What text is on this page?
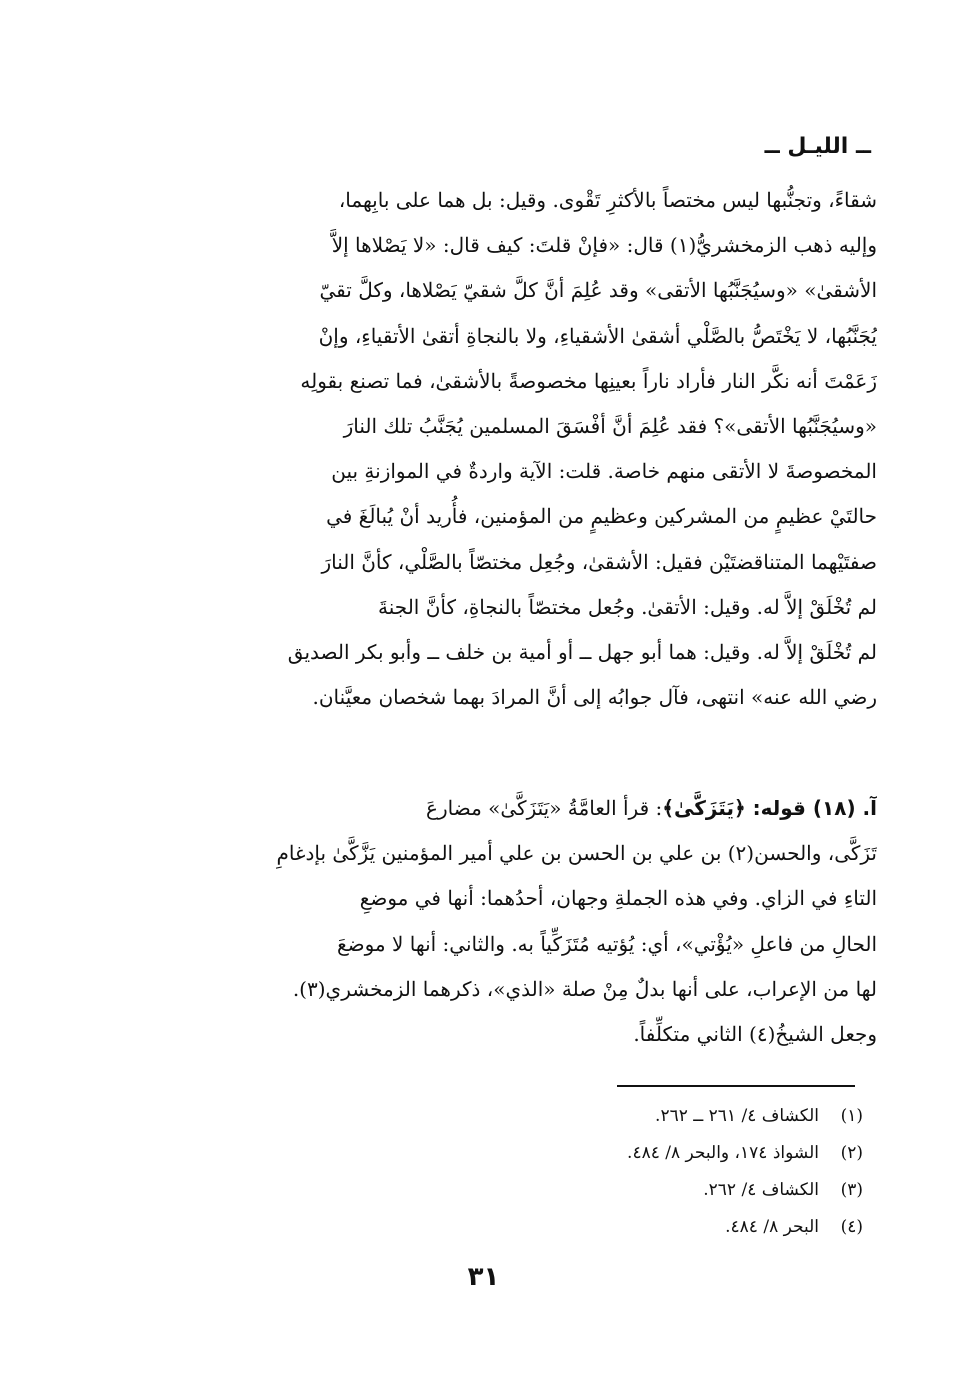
ــ الليـل ــ
شقاءً، وتجنُّبها ليس مختصاً بالأكثرِ تَقْوى. وقيل: بل هما على بابِهما،
وإليه ذهب الزمخشريُّ(١) قال: «فإنْ قلتَ: كيف قال: «لا يَصْلاها إلاَّ
الأشقىٰ» «وسيُجَنَّبُها الأتقى» وقد عُلِمَ أنَّ كلَّ شقيّ يَصْلاها، وكلَّ تقيّ
يُجَنَّبُها، لا يَخْتَصُّ بالصَّلْي أشقىٰ الأشقياءِ، ولا بالنجاةِ أتقىٰ الأتقياءِ، وإنْ
زَعَمْتَ أنه نكَّر النار فأراد ناراً بعينِها مخصوصةً بالأشقىٰ، فما تصنع بقولِه
«وسيُجَنَّبُها الأتقى»؟ فقد عُلِمَ أنَّ أفْسَقَ المسلمين يُجَنَّبُ تلك النارَ
المخصوصةَ لا الأتقى منهم خاصة. قلت: الآية واردةٌ في الموازنةِ بين
حالتَيْ عظيمٍ من المشركين وعظيمٍ من المؤمنين، فأُريد أنْ يُبالَغَ في
صفتَيْهما المتناقضتَيْن فقيل: الأشقىٰ، وجُعِل مختصّاً بالصَّلْي، كأنَّ النارَ
لم تُخْلَقْ إلاَّ له. وقيل: الأتقىٰ. وجُعل مختصّاً بالنجاةِ، كأنَّ الجنةَ
لم تُخْلَقْ إلاَّ له. وقيل: هما أبو جهل ــ أو أمية بن خلف ــ وأبو بكر الصديق
رضي الله عنه» انتهى، فآل جوابُه إلى أنَّ المرادَ بهما شخصان معيَّنان.
آ. (١٨) قوله: ﴿يَتَزَكَّىٰ﴾: قرأ العامَّةُ «يَتَزَكَّىٰ» مضارعَ
تَزَكَّى، والحسن(٢) بن علي بن الحسن بن علي أمير المؤمنين يَزَّكَّىٰ بإدغامِ
التاءِ في الزاي. وفي هذه الجملةِ وجهان، أحدُهما: أنها في موضعِ
الحالِ من فاعلِ «يُؤْتي»، أي: يُؤتيه مُتَزَكِّياً به. والثاني: أنها لا موضعَ
لها من الإعراب، على أنها بدلٌ مِنْ صلة «الذي»، ذكرهما الزمخشري(٣).
وجعل الشيخُ(٤) الثاني متكلِّفاً.
(١)الكشاف ٤/ ٢٦١ ــ ٢٦٢.
(٢)الشواذ ١٧٤، والبحر ٨/ ٤٨٤.
(٣)الكشاف ٤/ ٢٦٢.
(٤)البحر ٨/ ٤٨٤.
٣١
